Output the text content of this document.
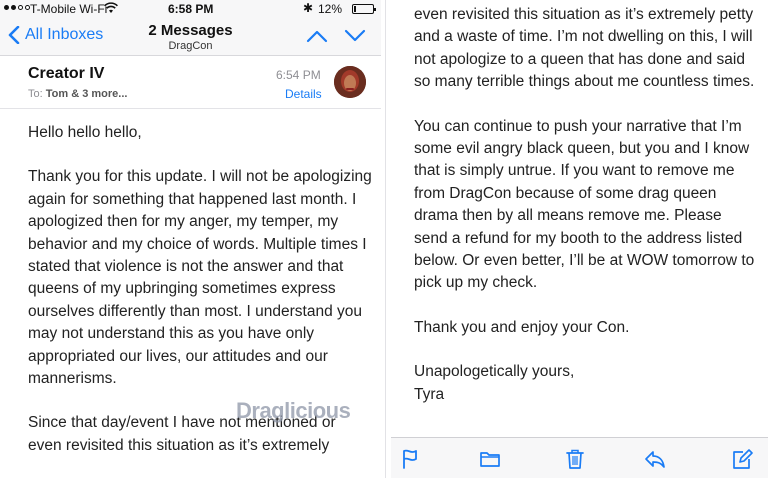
T-Mobile Wi-Fi	6:58 PM	✱ 12%
All Inboxes	2 Messages
DragCon
Creator IV
To: Tom & 3 more...
6:54 PM
Details

Hello hello hello,

Thank you for this update. I will not be apologizing again for something that happened last month. I apologized then for my anger, my temper, my behavior and my choice of words. Multiple times I stated that violence is not the answer and that queens of my upbringing sometimes express ourselves differently than most. I understand you may not understand this as you have only appropriated our lives, our attitudes and our mannerisms.

Since that day/event I have not mentioned or even revisited this situation as it’s extremely

Draglicious

even revisited this situation as it’s extremely petty and a waste of time. I’m not dwelling on this, I will not apologize to a queen that has done and said so many terrible things about me countless times.

You can continue to push your narrative that I’m some evil angry black queen, but you and I know that is simply untrue. If you want to remove me from DragCon because of some drag queen drama then by all means remove me. Please send a refund for my booth to the address listed below. Or even better, I’ll be at WOW tomorrow to pick up my check.

Thank you and enjoy your Con.

Unapologetically yours,

Tyra
